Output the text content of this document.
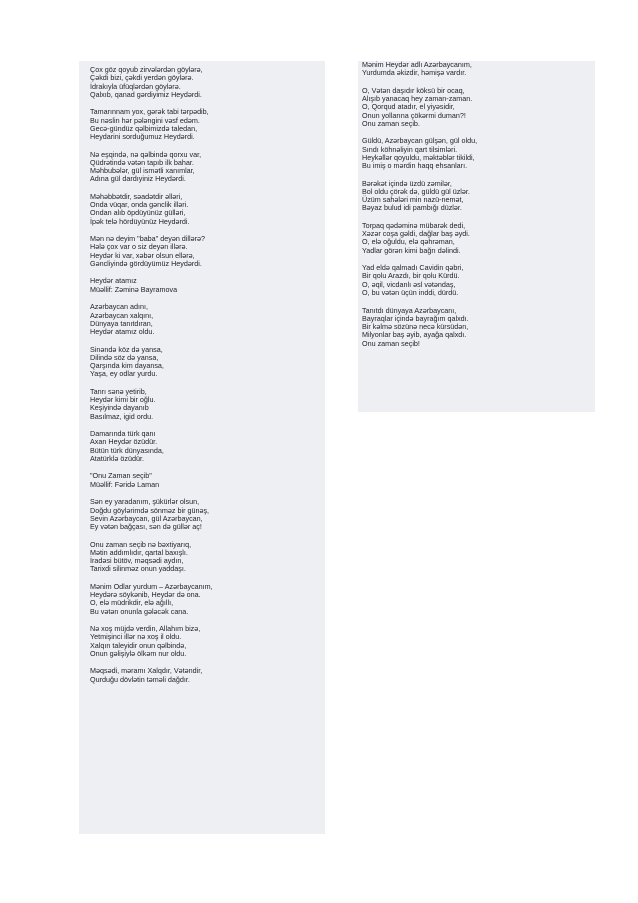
Çox göz qoyub zirvələrdən göylərə,
Çəkdi bizi, çəkdi yerdən göylərə.
İdrakıyla üfüqlərdən göylərə.
Qalxıb, qanad gərdiyimiz Heydərdi.
Tamarınnam yox, gərək tabi tərpədib,
Bu nəslin hər pələngini vəsf edəm.
Gecə-gündüz qəlbimizdə taledan,
Heydarini sorduğumuz Heydərdi.
Nə eşqində, nə qəlbində qorxu var,
Qüdrətində vətən tapıb ilk bahar.
Məhbubələr, gül ismətli xanımlar,
Adına gül dardıyiniz Heydərdi.
Məhəbbətdir, səadətdir əlləri,
Onda vüqar, onda gənclik illəri.
Ondan alıb öpdüyünüz gülləri,
İpək telə hördüyünüz Heydərdi.
Mən nə deyim "baba" deyən dillərə?
Hələ çox var o siz deyən illərə.
Heydər ki var, xəbər olsun ellərə,
Gəncliyində gördüyümüz Heydərdi.
Heydər atamız
Müəllif: Zəminə Bayramova
Azərbaycan adını,
Azərbaycan xalqını,
Dünyaya tanıtdıran,
Heydər atamız oldu.
Sinəndə köz də yansa,
Dilində söz də yansa,
Qarşında kim dayansa,
Yaşa, ey odlar yurdu.
Tanrı sənə yetirib,
Heydər kimi bir oğlu.
Keşiyində dayanıb
Basılmaz, igid ordu.
Damarında türk qanı
Axan Heydər özüdür.
Bütün türk dünyasında,
Atatürklə özüdür.
"Onu Zaman seçib"
Müəllif: Fəridə Laman
Sən ey yaradanım, şükürlər olsun,
Doğdu göylərimdə sönməz bir günəş,
Sevin Azərbaycan, gül Azərbaycan,
Ey vətən bağçası, sən də güllər aç!
Onu zaman seçib nə bəxtiyarıq,
Mətin addımlıdır, qartal baxışlı.
İradəsi bütöv, məqsədi aydın,
Tarixdi silinməz onun yaddaşı.
Mənim Odlar yurdum – Azərbaycanım,
Heydərə söykənib, Heydər də ona.
O, elə müdrikdir, elə ağıllı,
Bu vətən onunla gələcək cana.
Nə xoş müjdə verdin, Allahım bizə,
Yetmişinci illər nə xoş il oldu.
Xalqın taleyidir onun qəlbində,
Onun gəlişiylə ölkəm nur oldu.
Məqsədi, məramı Xalqdır, Vətəndir,
Qurduğu dövlətin təməli dağdır.
Mənim Heydər adlı Azərbaycanım,
Yurdumda əkizdir, həmişə vardır.
O, Vətən daşıdır köksü bir ocaq,
Alışıb yanacaq hey zaman-zaman.
O, Qorqud atadır, el yiyəsidir,
Onun yollarına çökərmi duman?!
Onu zaman seçib.
Güldü, Azərbaycan gülşən, gül oldu,
Sındı köhnəliyin qart tilsimləri.
Heykəllər qoyuldu, məktəblər tikildi,
Bu imiş o mərdin haqq ehsanları.
Bərəkət içində üzdü zəmilər,
Bol oldu çörək də, güldü gül üzlər.
Üzüm sahələri min nazü-nemət,
Bəyaz bulud idi pambığı düzlər.
Torpaq qədəminə mübarək dedi,
Xəzər coşa gəldi, dağlar baş əydi.
O, elə oğuldu, elə qəhrəman,
Yadlar görən kimi bağrı dəlindi.
Yad eldə qalmadı Cavidin qəbri,
Bir qolu Arazdı, bir qolu Kürdü.
O, əqil, vicdanlı əsl vətəndaş,
O, bu vətən üçün inddi, dürdü.
Tanıtdı dünyaya Azərbaycanı,
Bayraqlar içində bayrağım qalxdı.
Bir kəlmə sözünə necə kürsüdən,
Milyonlar baş əyib, ayağa qalxdı.
Onu zaman seçib!
